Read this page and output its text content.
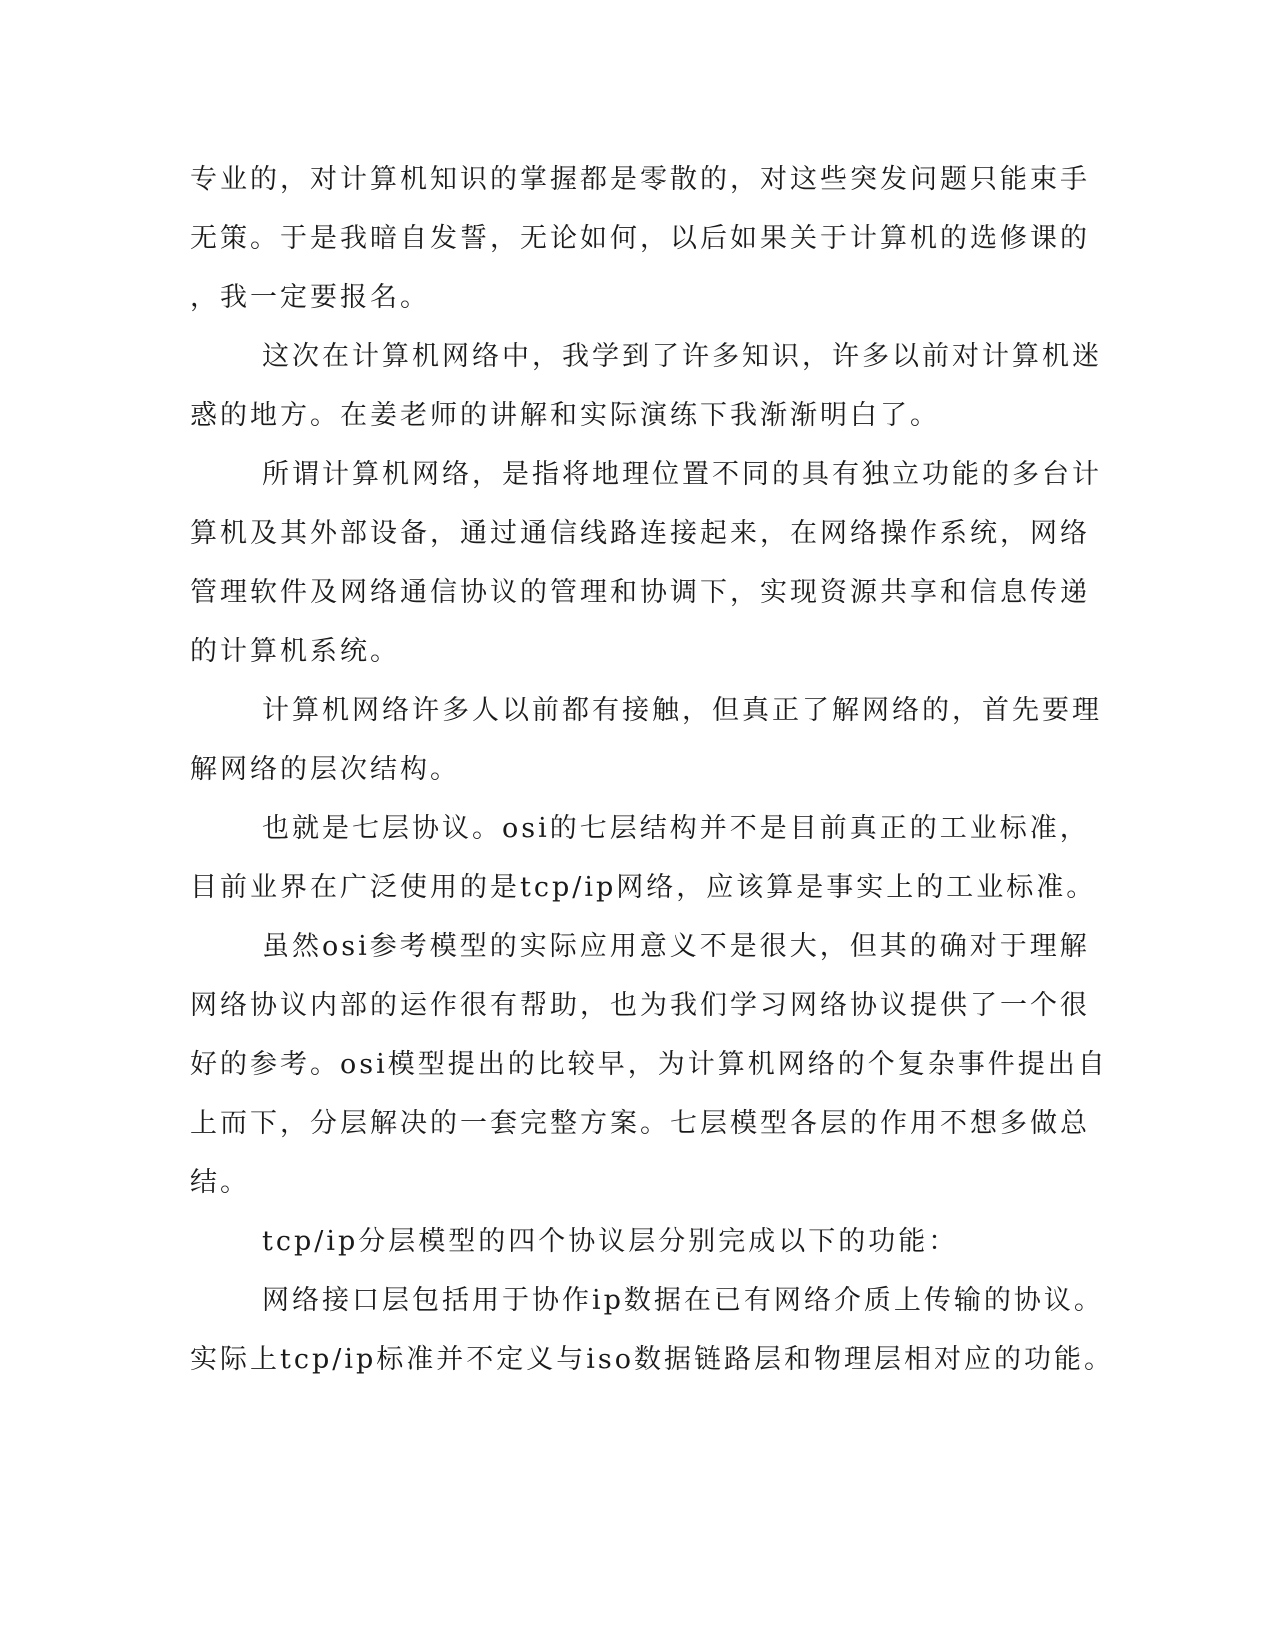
专业的，对计算机知识的掌握都是零散的，对这些突发问题只能束手
无策。于是我暗自发誓，无论如何，以后如果关于计算机的选修课的
，我一定要报名。
这次在计算机网络中，我学到了许多知识，许多以前对计算机迷
惑的地方。在姜老师的讲解和实际演练下我渐渐明白了。
所谓计算机网络，是指将地理位置不同的具有独立功能的多台计
算机及其外部设备，通过通信线路连接起来，在网络操作系统，网络
管理软件及网络通信协议的管理和协调下，实现资源共享和信息传递
的计算机系统。
计算机网络许多人以前都有接触，但真正了解网络的，首先要理
解网络的层次结构。
也就是七层协议。osi的七层结构并不是目前真正的工业标准，
目前业界在广泛使用的是tcp/ip网络，应该算是事实上的工业标准。
虽然osi参考模型的实际应用意义不是很大，但其的确对于理解
网络协议内部的运作很有帮助，也为我们学习网络协议提供了一个很
好的参考。osi模型提出的比较早，为计算机网络的个复杂事件提出自
上而下，分层解决的一套完整方案。七层模型各层的作用不想多做总
结。
tcp/ip分层模型的四个协议层分别完成以下的功能：
网络接口层包括用于协作ip数据在已有网络介质上传输的协议。
实际上tcp/ip标准并不定义与iso数据链路层和物理层相对应的功能。
